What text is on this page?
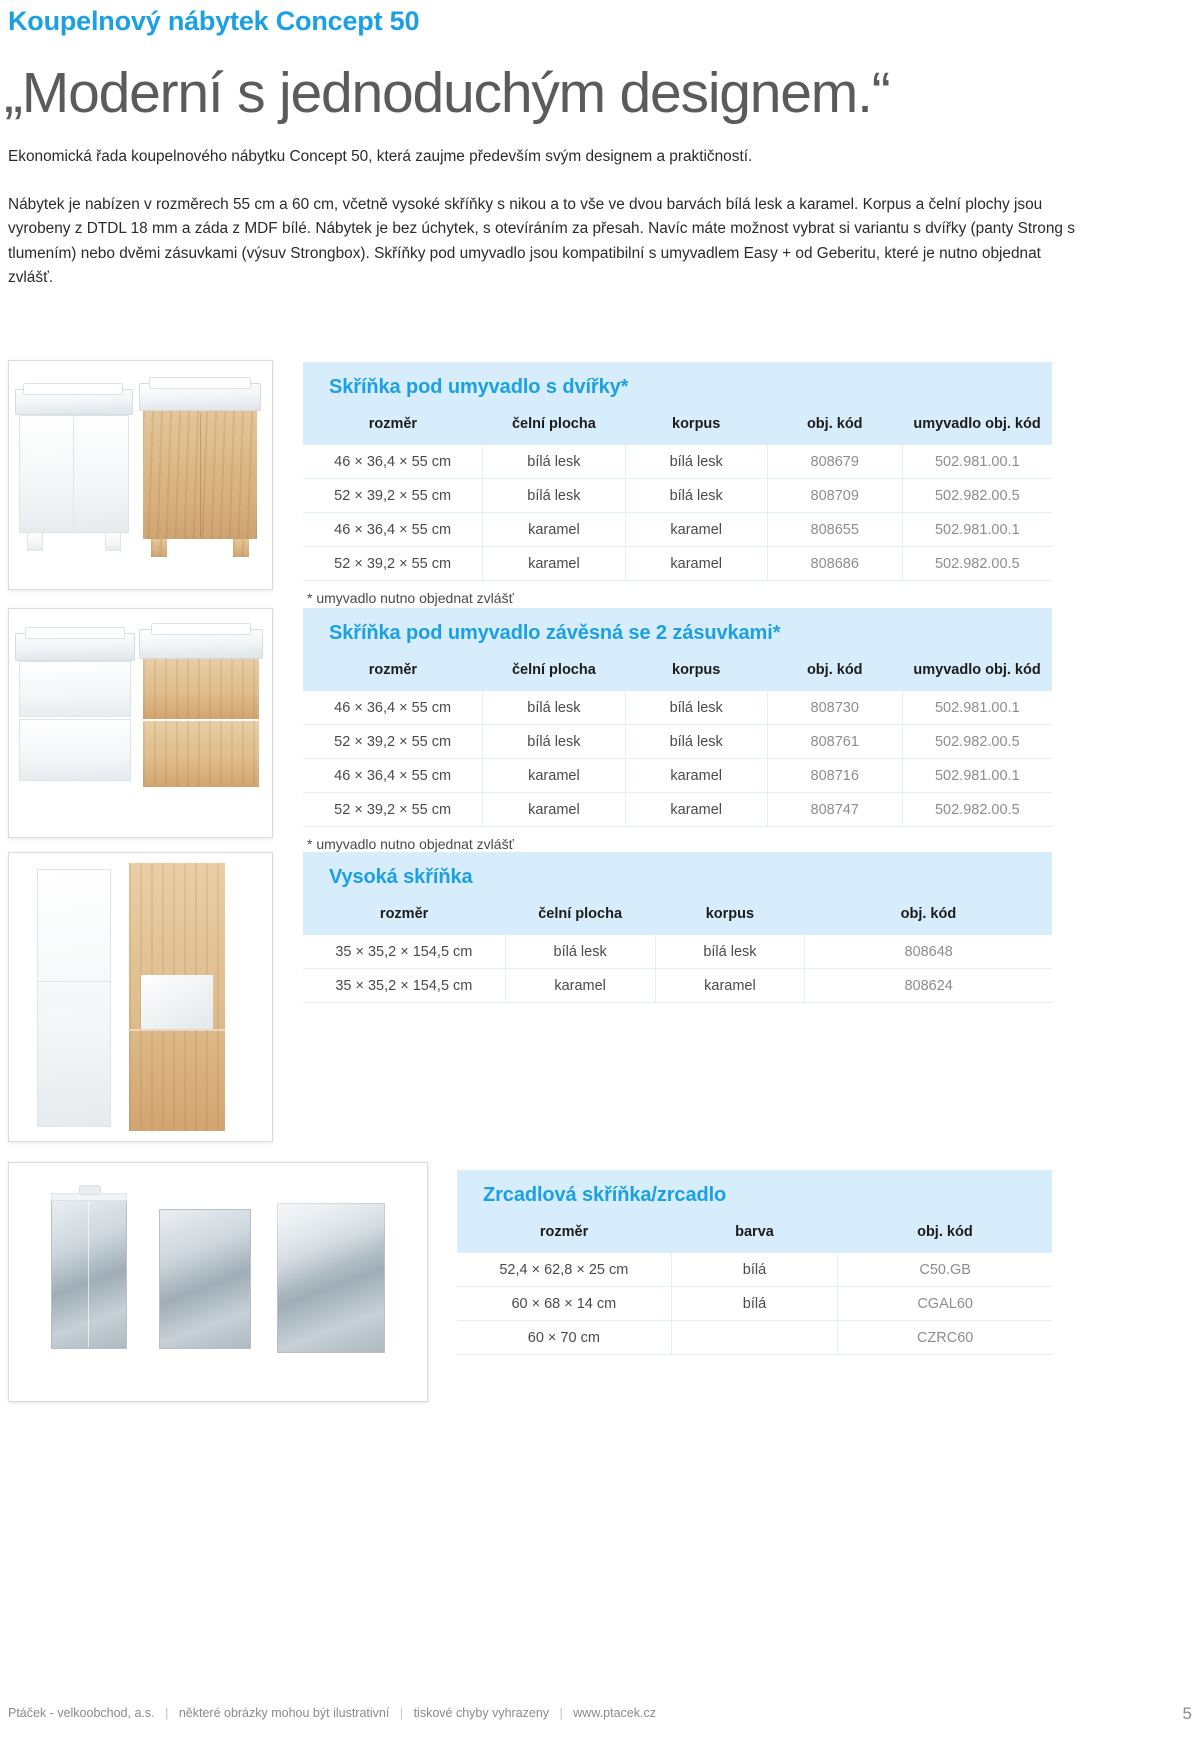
Koupelnový nábytek Concept 50
„Moderní s jednoduchým designem.“

Ekonomická řada koupelnového nábytku Concept 50, která zaujme především svým designem a praktičností.

Nábytek je nabízen v rozměrech 55 cm a 60 cm, včetně vysoké skříňky s nikou a to vše ve dvou barvách bílá lesk a karamel. Korpus a čelní plochy jsou vyrobeny z DTDL 18 mm a záda z MDF bílé. Nábytek je bez úchytek, s otevíráním za přesah. Navíc máte možnost vybrat si variantu s dvířky (panty Strong s tlumením) nebo dvěmi zásuvkami (výsuv Strongbox). Skříňky pod umyvadlo jsou kompatibilní s umyvadlem Easy + od Geberitu, které je nutno objednat zvlášť.

Skříňka pod umyvadlo s dvířky*
rozměr	čelní plocha	korpus	obj. kód	umyvadlo obj. kód
46 × 36,4 × 55 cm	bílá lesk	bílá lesk	808679	502.981.00.1
52 × 39,2 × 55 cm	bílá lesk	bílá lesk	808709	502.982.00.5
46 × 36,4 × 55 cm	karamel	karamel	808655	502.981.00.1
52 × 39,2 × 55 cm	karamel	karamel	808686	502.982.00.5
* umyvadlo nutno objednat zvlášť
Skříňka pod umyvadlo závěsná se 2 zásuvkami*
rozměr	čelní plocha	korpus	obj. kód	umyvadlo obj. kód
46 × 36,4 × 55 cm	bílá lesk	bílá lesk	808730	502.981.00.1
52 × 39,2 × 55 cm	bílá lesk	bílá lesk	808761	502.982.00.5
46 × 36,4 × 55 cm	karamel	karamel	808716	502.981.00.1
52 × 39,2 × 55 cm	karamel	karamel	808747	502.982.00.5
* umyvadlo nutno objednat zvlášť
Vysoká skříňka
rozměr	čelní plocha	korpus	obj. kód
35 × 35,2 × 154,5 cm	bílá lesk	bílá lesk	808648
35 × 35,2 × 154,5 cm	karamel	karamel	808624
Zrcadlová skříňka/zrcadlo
rozměr	barva	obj. kód
52,4 × 62,8 × 25 cm	bílá	C50.GB
60 × 68 × 14 cm	bílá	CGAL60
60 × 70 cm		CZRC60
Ptáček - velkoobchod, a.s. | některé obrázky mohou být ilustrativní | tiskové chyby vyhrazeny | www.ptacek.cz	5
